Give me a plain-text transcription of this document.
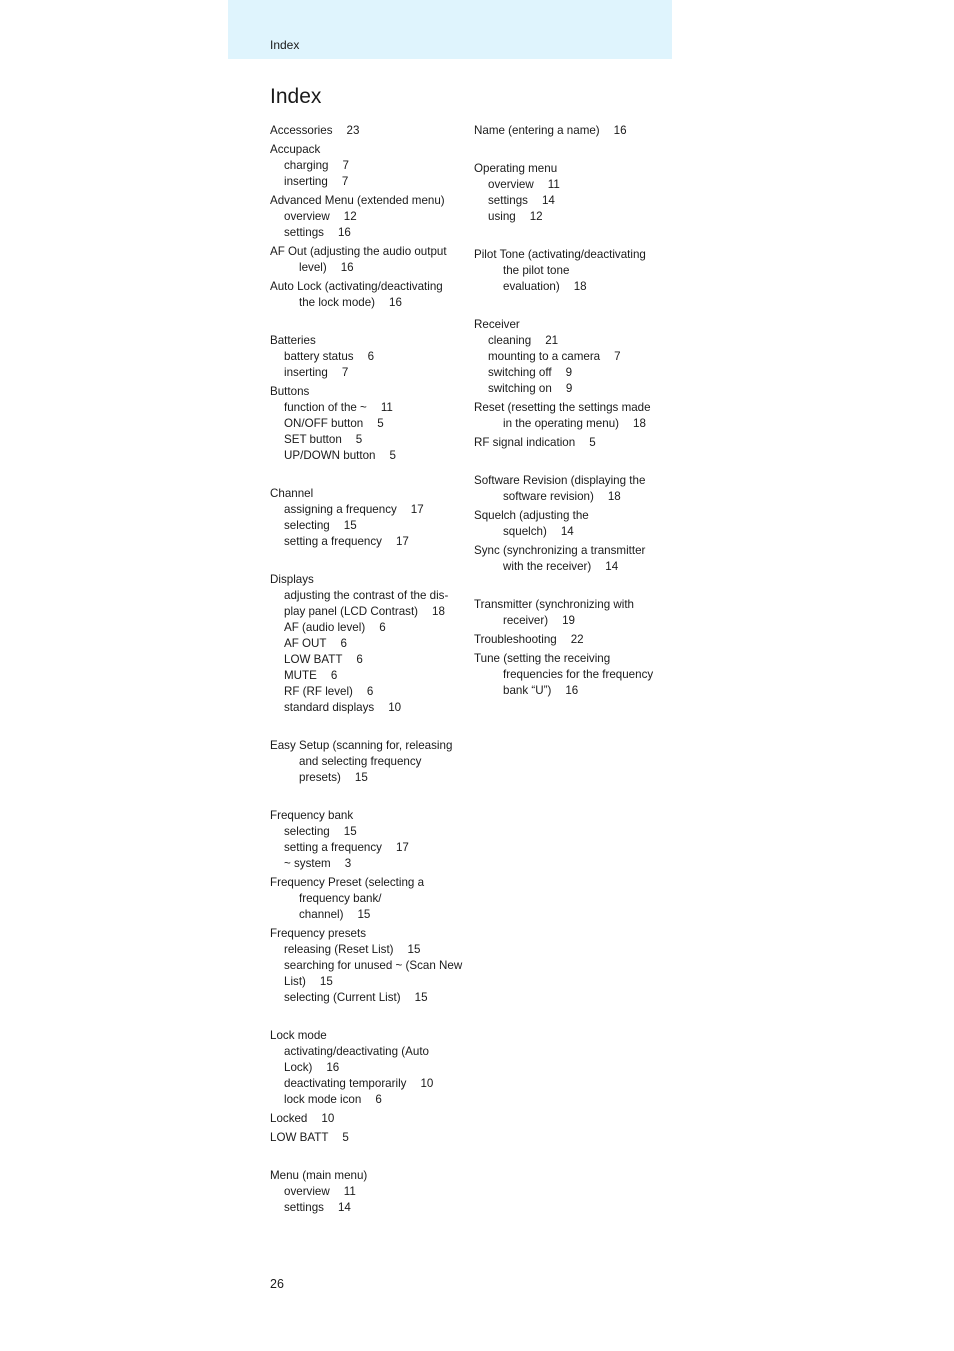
Index
Index
Accessories 23
Accupack
charging 7
inserting 7
Advanced Menu (extended menu)
overview 12
settings 16
AF Out (adjusting the audio output
level) 16
Auto Lock (activating/deactivating
the lock mode) 16
Batteries
battery status 6
inserting 7
Buttons
function of the ~ 11
ON/OFF button 5
SET button 5
UP/DOWN button 5
Channel
assigning a frequency 17
selecting 15
setting a frequency 17
Displays
adjusting the contrast of the dis-
play panel (LCD Contrast) 18
AF (audio level) 6
AF OUT 6
LOW BATT 6
MUTE 6
RF (RF level) 6
standard displays 10
Easy Setup (scanning for, releasing
and selecting frequency
presets) 15
Frequency bank
selecting 15
setting a frequency 17
~ system 3
Frequency Preset (selecting a
frequency bank/
channel) 15
Frequency presets
releasing (Reset List) 15
searching for unused ~ (Scan New
List) 15
selecting (Current List) 15
Lock mode
activating/deactivating (Auto
Lock) 16
deactivating temporarily 10
lock mode icon 6
Locked 10
LOW BATT 5
Menu (main menu)
overview 11
settings 14
Name (entering a name) 16
Operating menu
overview 11
settings 14
using 12
Pilot Tone (activating/deactivating
the pilot tone
evaluation) 18
Receiver
cleaning 21
mounting to a camera 7
switching off 9
switching on 9
Reset (resetting the settings made
in the operating menu) 18
RF signal indication 5
Software Revision (displaying the
software revision) 18
Squelch (adjusting the
squelch) 14
Sync (synchronizing a transmitter
with the receiver) 14
Transmitter (synchronizing with
receiver) 19
Troubleshooting 22
Tune (setting the receiving
frequencies for the frequency
bank “U”) 16
26
